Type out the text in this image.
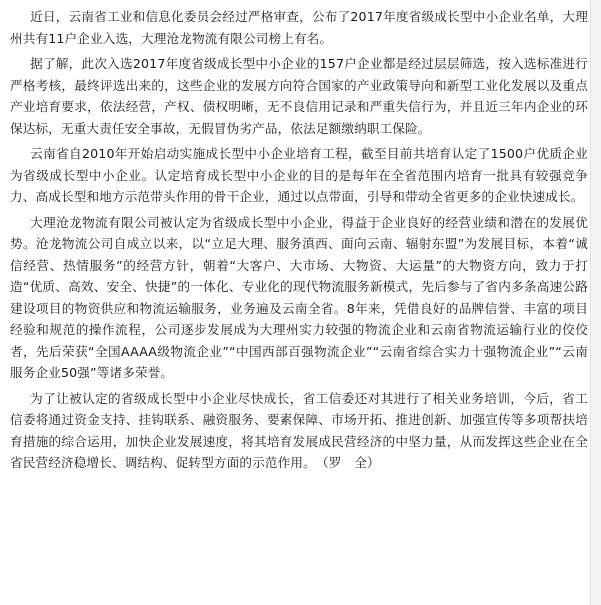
近日，云南省工业和信息化委员会经过严格审查，公布了2017年度省级成长型中小企业名单，大理州共有11户企业入选，大理沧龙物流有限公司榜上有名。

据了解，此次入选2017年度省级成长型中小企业的157户企业都是经过层层筛选，按入选标准进行严格考核，最终评选出来的，这些企业的发展方向符合国家的产业政策导向和新型工业化发展以及重点产业培育要求，依法经营，产权、债权明晰，无不良信用记录和严重失信行为，并且近三年内企业的环保达标，无重大责任安全事故，无假冒伪劣产品，依法足额缴纳职工保险。

云南省自2010年开始启动实施成长型中小企业培育工程，截至目前共培育认定了1500户优质企业为省级成长型中小企业。认定培育成长型中小企业的目的是每年在全省范围内培育一批具有较强竞争力、高成长型和地方示范带头作用的骨干企业，通过以点带面，引导和带动全省更多的企业快速成长。

大理沧龙物流有限公司被认定为省级成长型中小企业，得益于企业良好的经营业绩和潜在的发展优势。沧龙物流公司自成立以来，以“立足大理、服务滇西、面向云南、辐射东盟”为发展目标，本着“诚信经营、热情服务”的经营方针，朝着“大客户、大市场、大物资、大运量”的大物资方向，致力于打造“优质、高效、安全、快捷”的一体化、专业化的现代物流服务新模式，先后参与了省内多条高速公路建设项目的物资供应和物流运输服务，业务遍及云南全省。8年来，凭借良好的品牌信誉、丰富的项目经验和规范的操作流程，公司逐步发展成为大理州实力较强的物流企业和云南省物流运输行业的佼佼者，先后荣获“全国AAAA级物流企业”“中国西部百强物流企业”“云南省综合实力十强物流企业”“云南服务企业50强”等诸多荣誉。

为了让被认定的省级成长型中小企业尽快成长，省工信委还对其进行了相关业务培训，今后，省工信委将通过资金支持、挂钩联系、融资服务、要素保障、市场开拓、推进创新、加强宣传等多项帮扶培育措施的综合运用，加快企业发展速度，将其培育发展成民营经济的中坚力量，从而发挥这些企业在全省民营经济稳增长、调结构、促转型方面的示范作用。　（罗　全）
